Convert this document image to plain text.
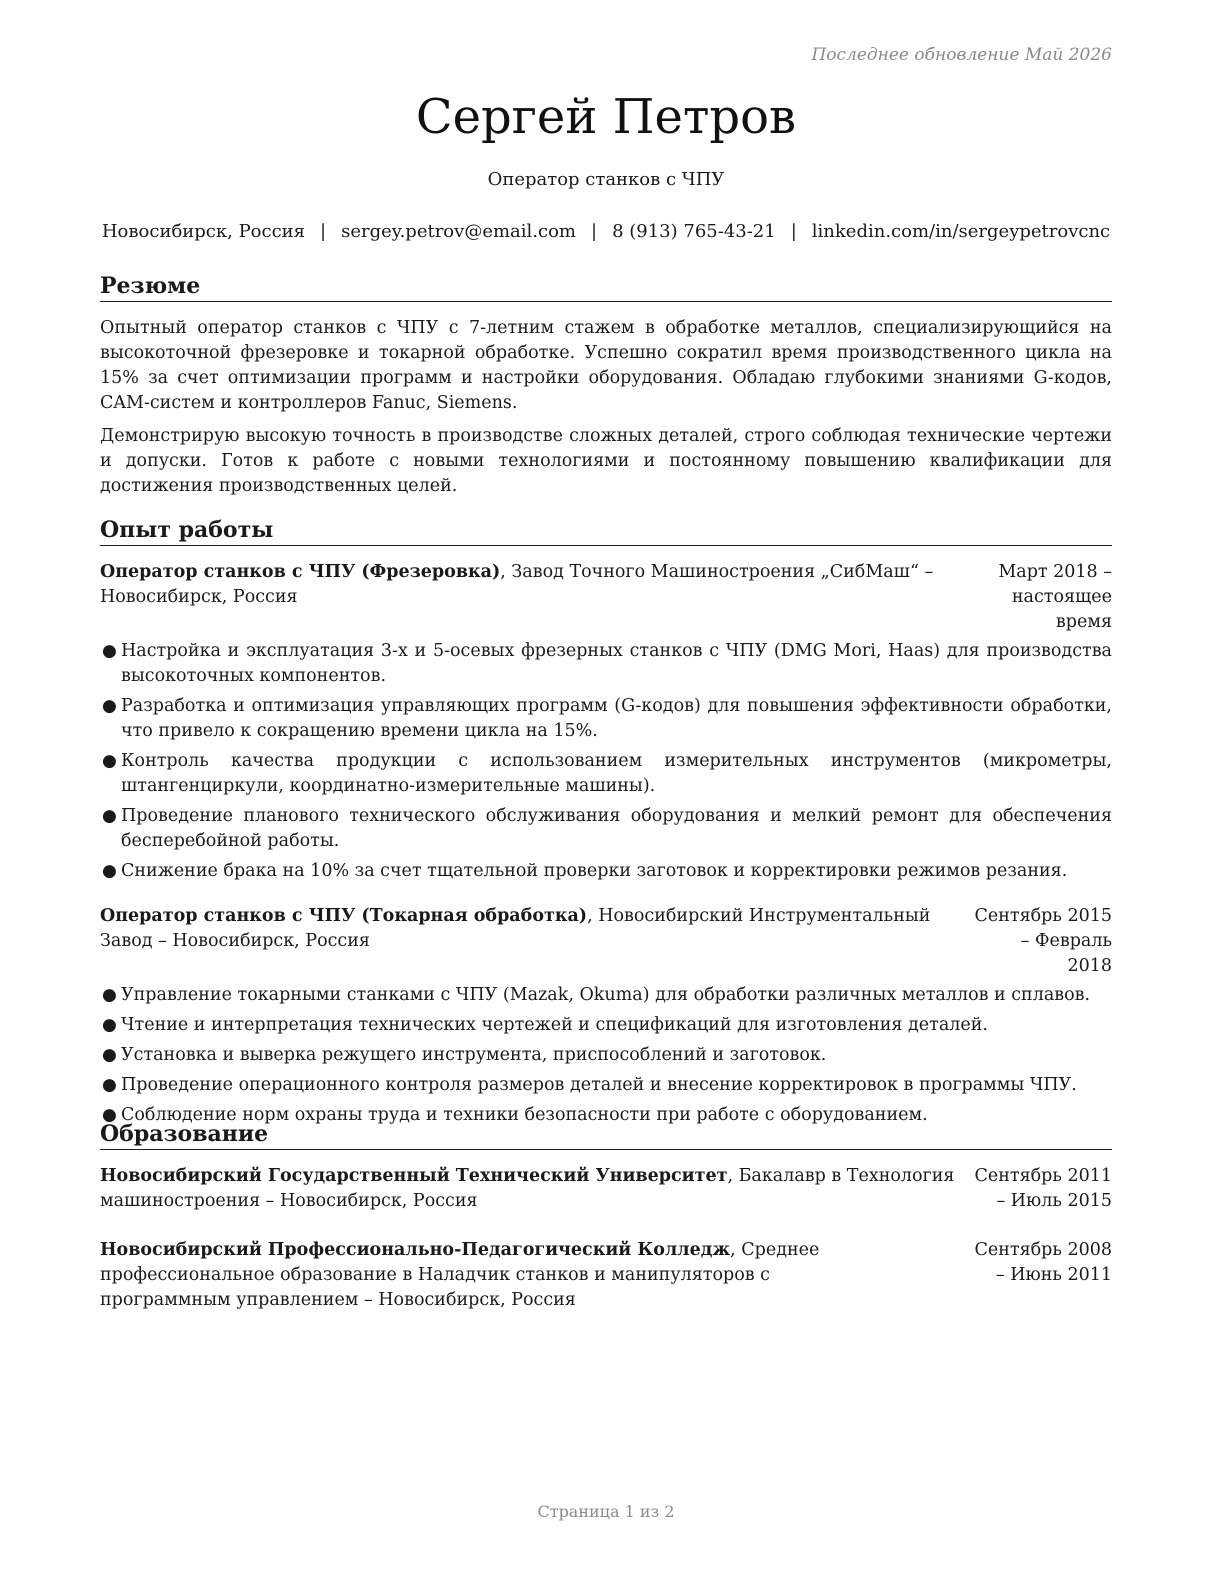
Последнее обновление Май 2026
Сергей Петров
Оператор станков с ЧПУ
Новосибирск, Россия | sergey.petrov@email.com | 8 (913) 765-43-21 | linkedin.com/in/sergeypetrovcnc
Резюме

Опытный оператор станков с ЧПУ с 7-летним стажем в обработке металлов, специализирующийся на высокоточной фрезеровке и токарной обработке. Успешно сократил время производственного цикла на 15% за счет оптимизации программ и настройки оборудования. Обладаю глубокими знаниями G-кодов, CAM-систем и контроллеров Fanuc, Siemens.

Демонстрирую высокую точность в производстве сложных деталей, строго соблюдая технические чертежи и допуски. Готов к работе с новыми технологиями и постоянному повышению квалификации для достижения производственных целей.

Опыт работы
Оператор станков с ЧПУ (Фрезеровка), Завод Точного Машиностроения „СибМаш“ – Новосибирск, Россия
Март 2018 – настоящее время
● Настройка и эксплуатация 3-х и 5-осевых фрезерных станков с ЧПУ (DMG Mori, Haas) для производства высокоточных компонентов.
● Разработка и оптимизация управляющих программ (G-кодов) для повышения эффективности обработки, что привело к сокращению времени цикла на 15%.
● Контроль качества продукции с использованием измерительных инструментов (микрометры, штангенциркули, координатно-измерительные машины).
● Проведение планового технического обслуживания оборудования и мелкий ремонт для обеспечения бесперебойной работы.
● Снижение брака на 10% за счет тщательной проверки заготовок и корректировки режимов резания.
Оператор станков с ЧПУ (Токарная обработка), Новосибирский Инструментальный Завод – Новосибирск, Россия
Сентябрь 2015 – Февраль 2018
● Управление токарными станками с ЧПУ (Mazak, Okuma) для обработки различных металлов и сплавов.
● Чтение и интерпретация технических чертежей и спецификаций для изготовления деталей.
● Установка и выверка режущего инструмента, приспособлений и заготовок.
● Проведение операционного контроля размеров деталей и внесение корректировок в программы ЧПУ.
● Соблюдение норм охраны труда и техники безопасности при работе с оборудованием.
Образование
Новосибирский Государственный Технический Университет, Бакалавр в Технология машиностроения – Новосибирск, Россия
Сентябрь 2011 – Июль 2015
Новосибирский Профессионально-Педагогический Колледж, Среднее профессиональное образование в Наладчик станков и манипуляторов с программным управлением – Новосибирск, Россия
Сентябрь 2008 – Июнь 2011
Страница 1 из 2
